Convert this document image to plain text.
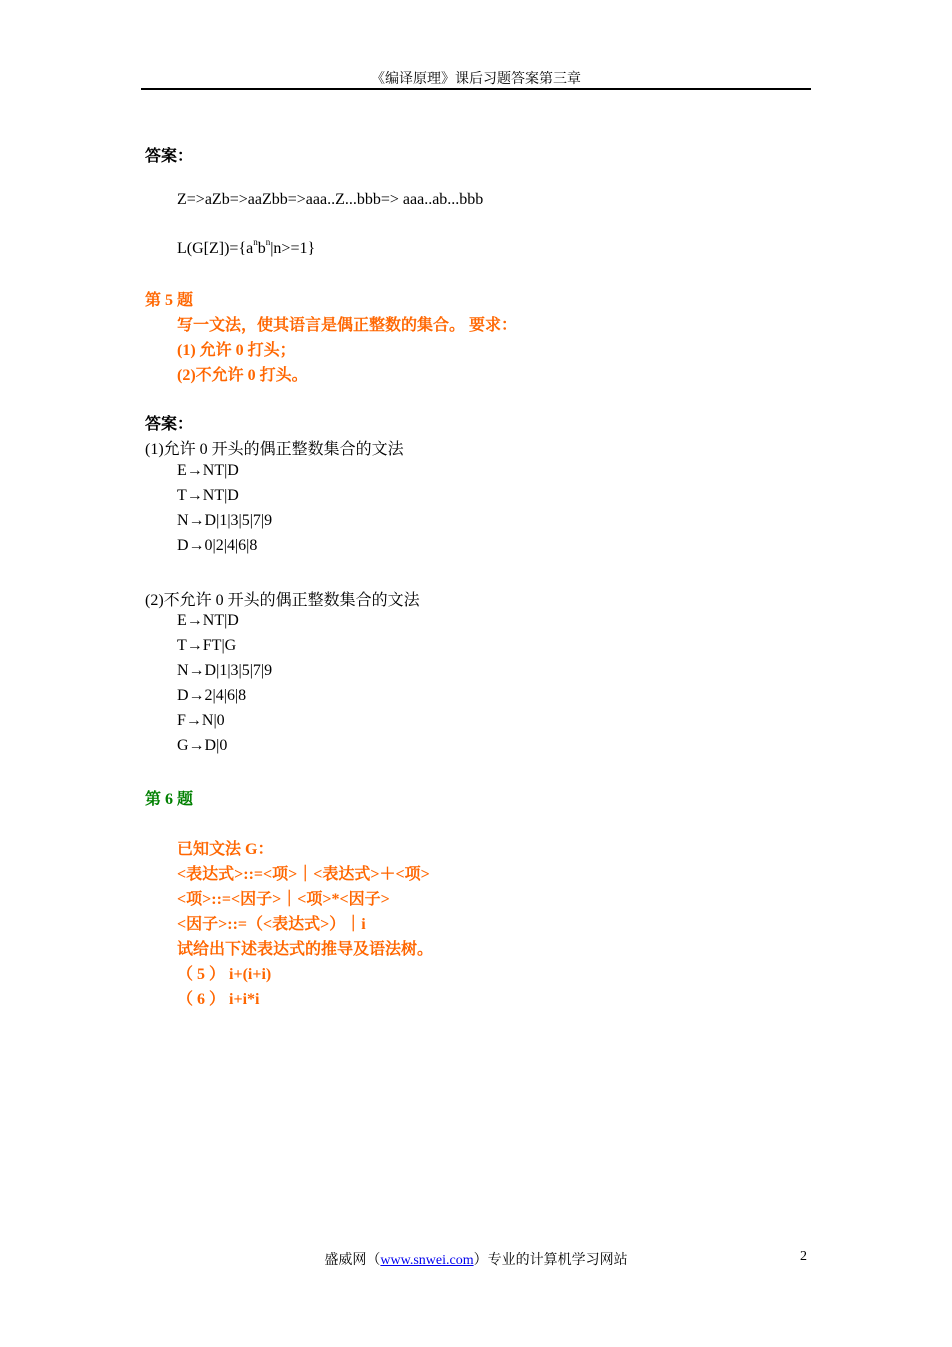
《编译原理》课后习题答案第三章
答案：
Z=>aZb=>aaZbb=>aaa..Z...bbb=> aaa..ab...bbb
$L(G[Z])=\{a^nb^n|n>=1\}$
第 5 题
写一文法，使其语言是偶正整数的集合。 要求：
(1) 允许 0 打头；
(2)不允许 0 打头。
答案：
(1)允许 0 开头的偶正整数集合的文法
E→NT|D
T→NT|D
N→D|1|3|5|7|9
D→0|2|4|6|8
(2)不允许 0 开头的偶正整数集合的文法
E→NT|D
T→FT|G
N→D|1|3|5|7|9
D→2|4|6|8
F→N|0
G→D|0
第 6 题
已知文法 G：
<表达式>::=<项>｜<表达式>＋<项>
<项>::=<因子>｜<项>*<因子>
<因子>::=（<表达式>）｜i
试给出下述表达式的推导及语法树。
（ 5 ） i+(i+i)
（ 6 ） i+i*i
盛威网（www.snwei.com）专业的计算机学习网站	2
